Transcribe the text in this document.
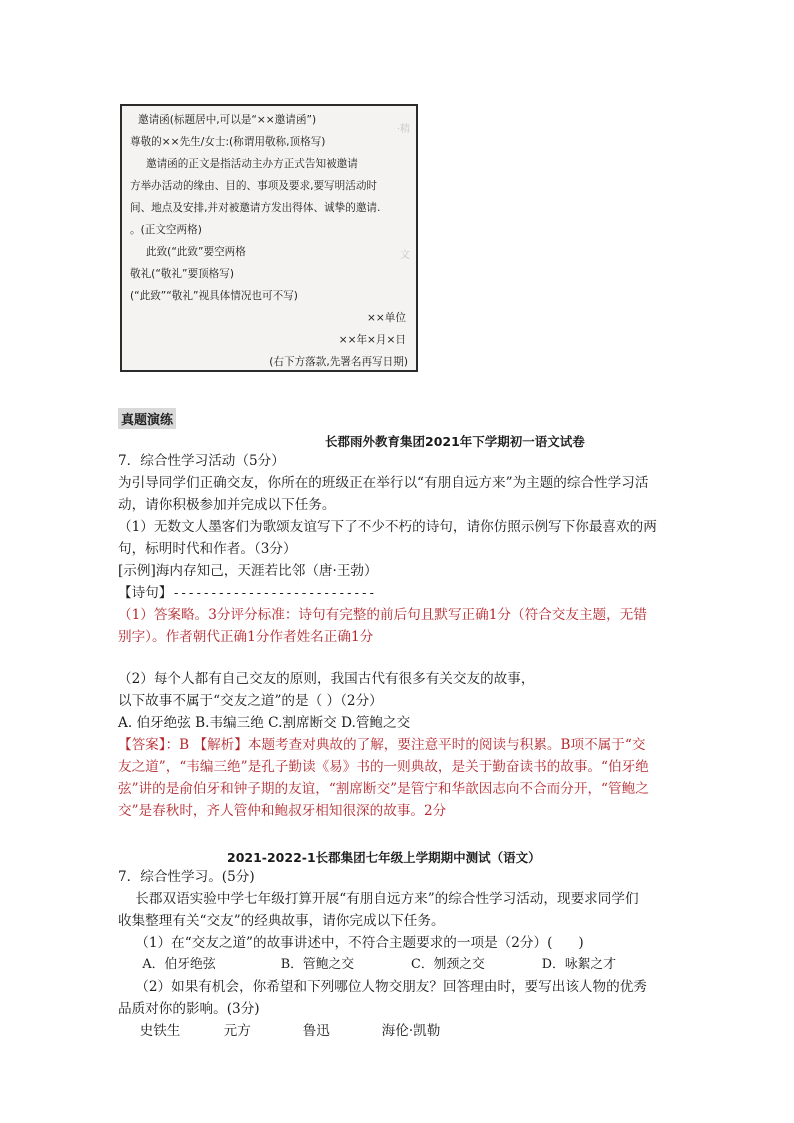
·精
文
邀请函(标题居中,可以是“××邀请函”)
尊敬的××先生/女士:(称谓用敬称,顶格写)
邀请函的正文是指活动主办方正式告知被邀请
方举办活动的缘由、目的、事项及要求,要写明活动时
间、地点及安排,并对被邀请方发出得体、诚挚的邀请.
。(正文空两格)
此致(“此致”要空两格
敬礼(“敬礼”要顶格写)
(“此致”“敬礼”视具体情况也可不写)
××单位
××年×月×日
(右下方落款,先署名再写日期)
真题演练
长郡雨外教育集团2021年下学期初一语文试卷
7．综合性学习活动（5分）
为引导同学们正确交友，你所在的班级正在举行以“有朋自远方来”为主题的综合性学习活
动，请你积极参加并完成以下任务。
（1）无数文人墨客们为歌颂友谊写下了不少不朽的诗句，请你仿照示例写下你最喜欢的两
句，标明时代和作者。（3分）
[示例]海内存知己，天涯若比邻（唐·王勃）
【诗句】---------------------------
（1）答案略。3分评分标准：诗句有完整的前后句且默写正确1分（符合交友主题，无错
别字）。作者朝代正确1分作者姓名正确1分
（2）每个人都有自己交友的原则，我国古代有很多有关交友的故事，
以下故事不属于“交友之道”的是（ ）（2分）
A. 伯牙绝弦 B.韦编三绝 C.割席断交 D.管鲍之交
【答案】：B 【解析】本题考查对典故的了解，要注意平时的阅读与积累。B项不属于“交
友之道”，“韦编三绝”是孔子勤读《易》书的一则典故，是关于勤奋读书的故事。“伯牙绝
弦”讲的是俞伯牙和钟子期的友谊，“割席断交”是管宁和华歆因志向不合而分开，“管鲍之
交”是春秋时，齐人管仲和鲍叔牙相知很深的故事。2分
2021-2022-1长郡集团七年级上学期期中测试（语文）
7．综合性学习。(5分)
长郡双语实验中学七年级打算开展“有朋自远方来”的综合性学习活动，现要求同学们
收集整理有关“交友”的经典故事，请你完成以下任务。
（1）在“交友之道”的故事讲述中，不符合主题要求的一项是（2分）(      )
A．伯牙绝弦                B．管鲍之交              C．刎颈之交              D．咏絮之才
（2）如果有机会，你希望和下列哪位人物交朋友？回答理由时，要写出该人物的优秀
品质对你的影响。(3分)
史铁生          元方            鲁迅            海伦·凯勒
